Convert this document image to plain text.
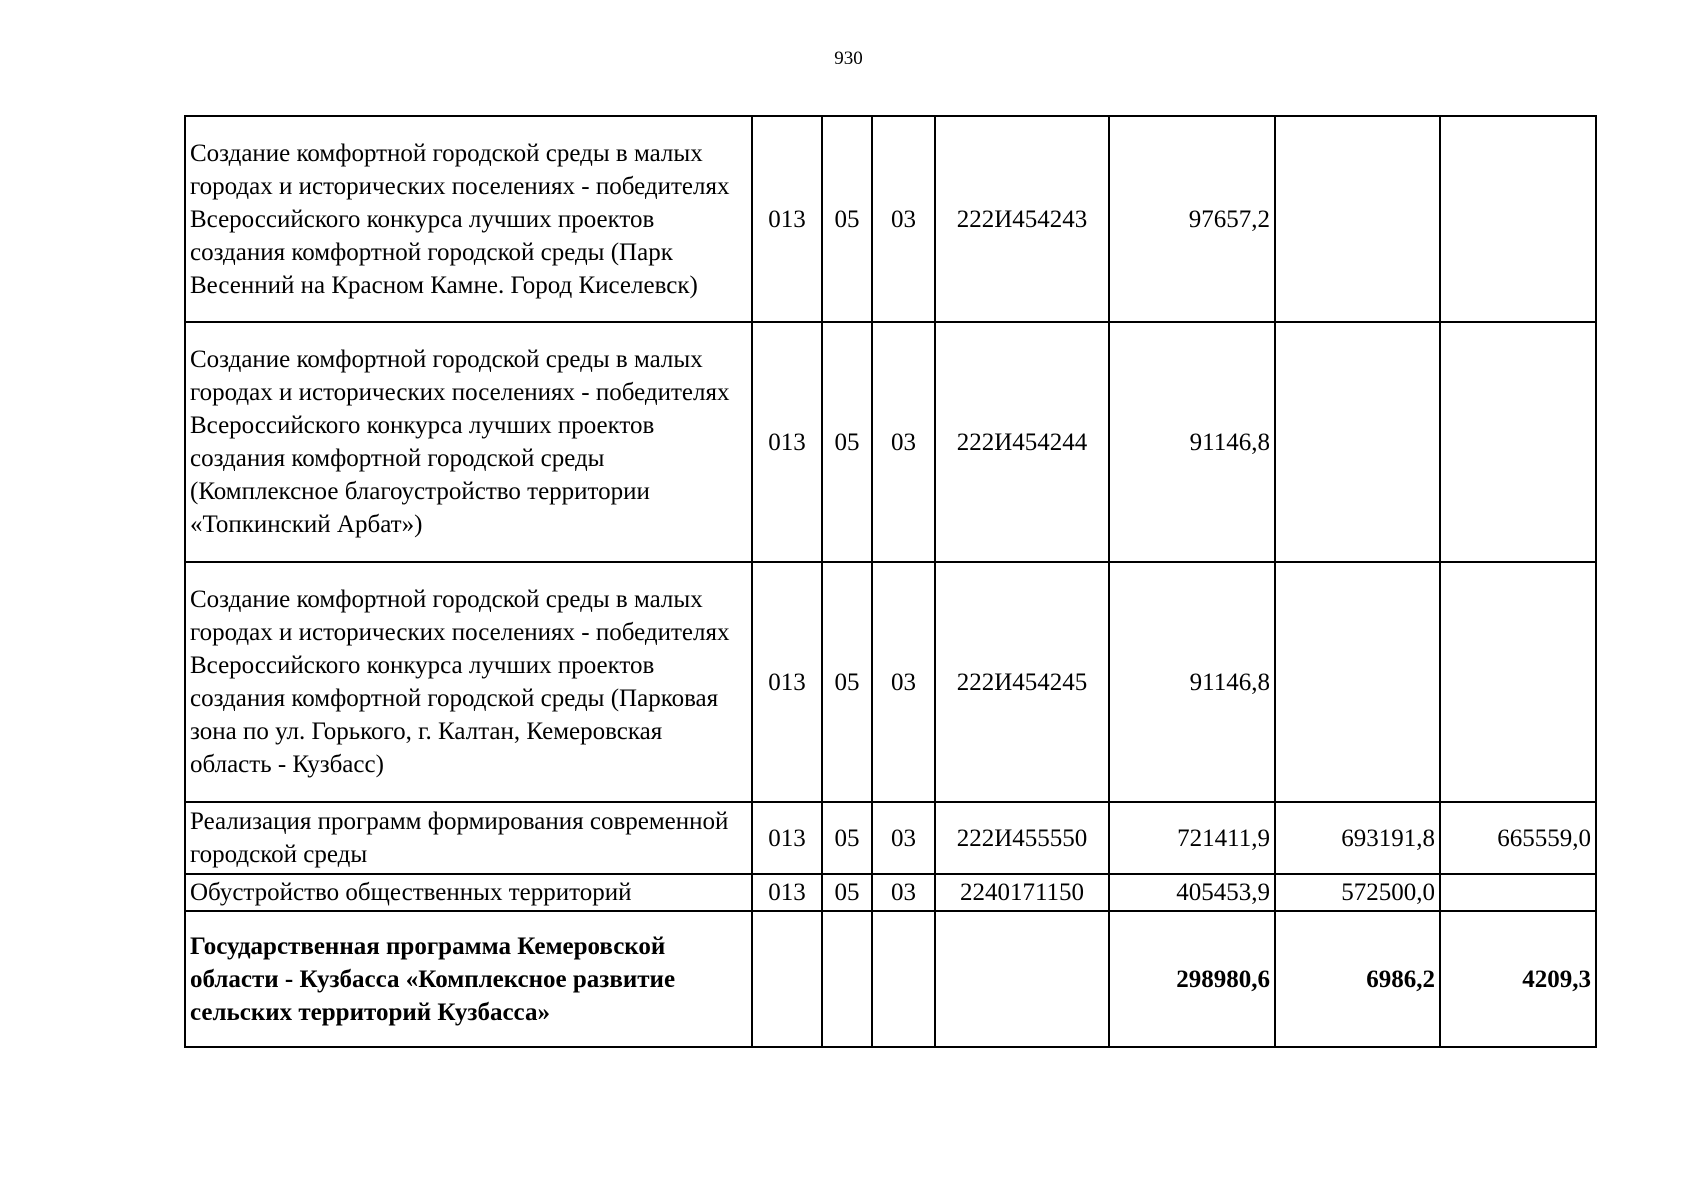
930
Создание комфортной городской среды в малых городах и исторических поселениях - победителях Всероссийского конкурса лучших проектов создания комфортной городской среды (Парк Весенний на Красном Камне. Город Киселевск)	013	05	03	222И454243	97657,2		
Создание комфортной городской среды в малых городах и исторических поселениях - победителях Всероссийского конкурса лучших проектов создания комфортной городской среды (Комплексное благоустройство территории «Топкинский Арбат»)	013	05	03	222И454244	91146,8		
Создание комфортной городской среды в малых городах и исторических поселениях - победителях Всероссийского конкурса лучших проектов создания комфортной городской среды (Парковая зона по ул. Горького, г. Калтан, Кемеровская область - Кузбасс)	013	05	03	222И454245	91146,8		
Реализация программ формирования современной городской среды	013	05	03	222И455550	721411,9	693191,8	665559,0
Обустройство общественных территорий	013	05	03	2240171150	405453,9	572500,0	
Государственная программа Кемеровской области - Кузбасса «Комплексное развитие сельских территорий Кузбасса»					298980,6	6986,2	4209,3
